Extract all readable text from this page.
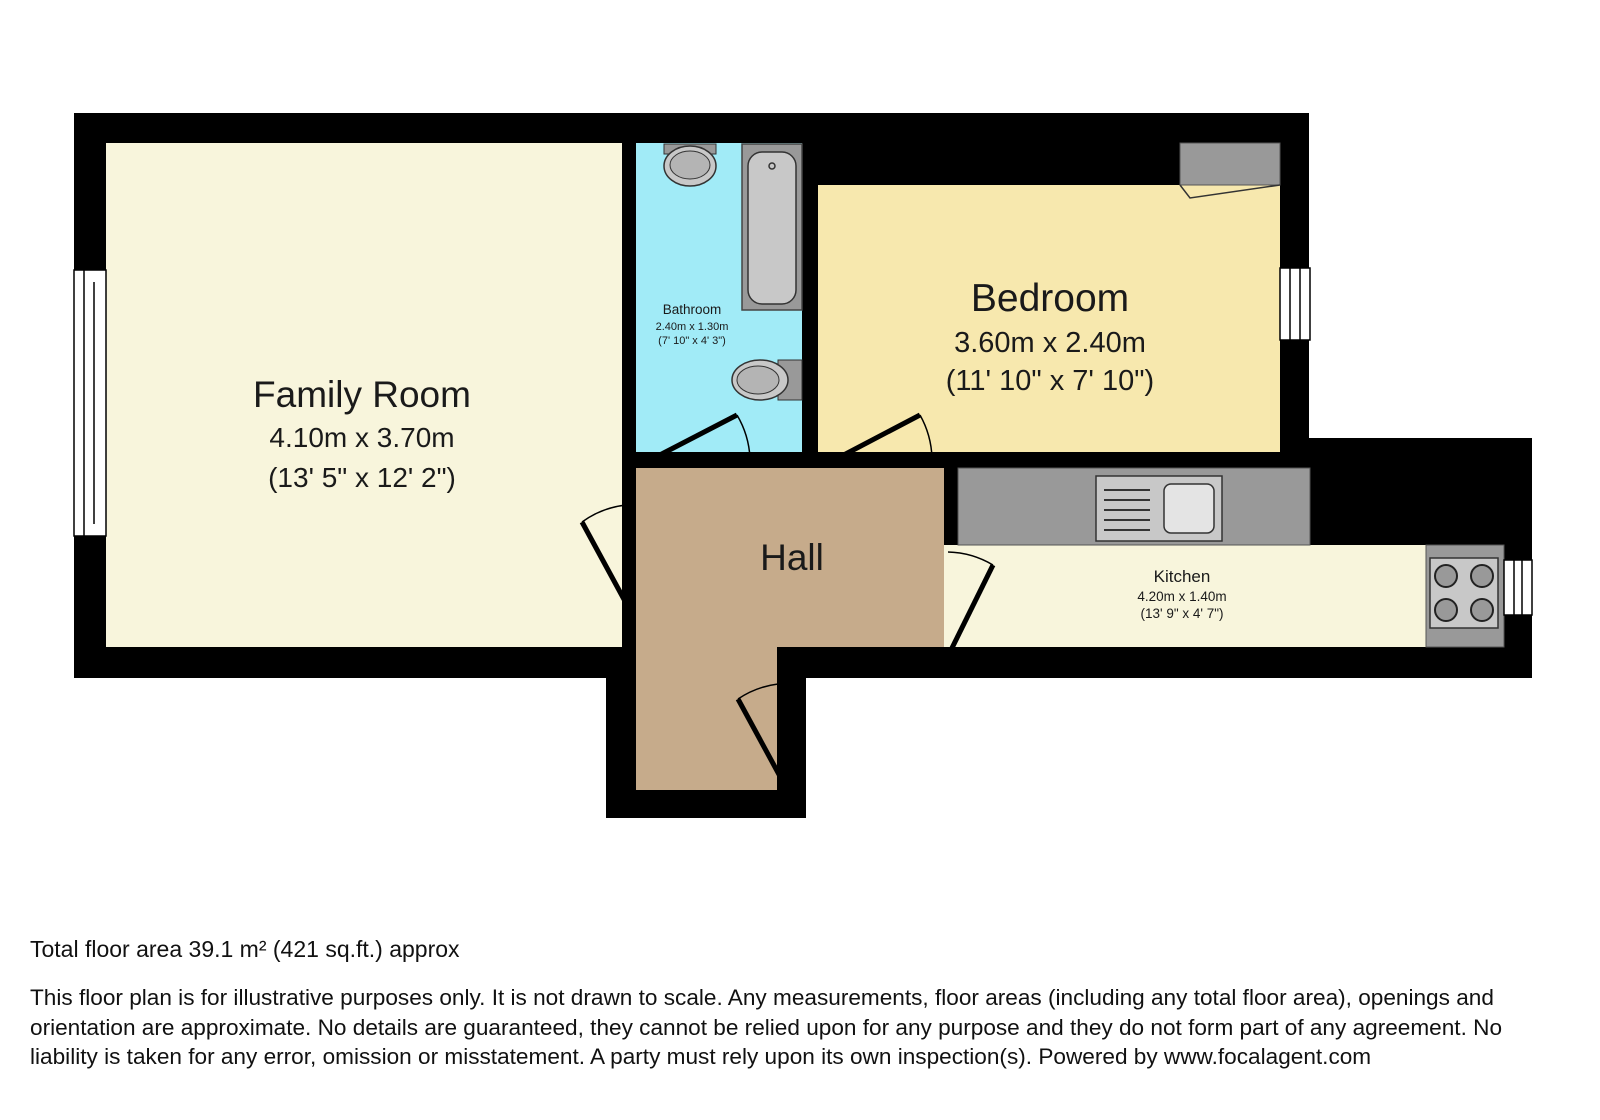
Family Room
4.10m x 3.70m
(13' 5" x 12' 2")
Bathroom
2.40m x 1.30m
(7' 10" x 4' 3")
Bedroom
3.60m x 2.40m
(11' 10" x 7' 10")
Hall	Kitchen
4.20m x 1.40m
(13' 9" x 4' 7")
Total floor area 39.1 m² (421 sq.ft.) approx
This floor plan is for illustrative purposes only. It is not drawn to scale. Any measurements, floor areas (including any total floor area), openings and orientation are approximate. No details are guaranteed, they cannot be relied upon for any purpose and they do not form part of any agreement. No liability is taken for any error, omission or misstatement. A party must rely upon its own inspection(s). Powered by www.focalagent.com
